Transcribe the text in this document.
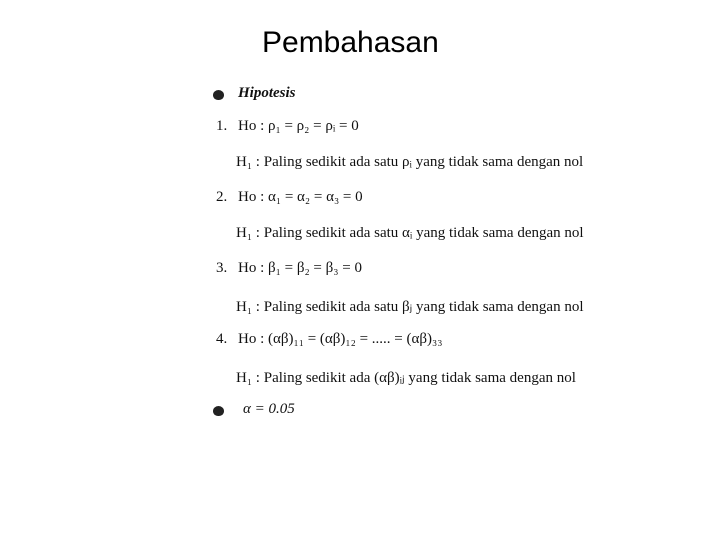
Pembahasan
Hipotesis
1. Ho : ρ₁ = ρ₂ = ρᵢ = 0
H₁ : Paling sedikit ada satu ρᵢ yang tidak sama dengan nol
2. Ho : α₁ = α₂ = α₃ = 0
H₁ : Paling sedikit ada satu αᵢ yang tidak sama dengan nol
3. Ho : β₁ = β₂ = β₃ = 0
H₁ : Paling sedikit ada satu βⱼ yang tidak sama dengan nol
4. Ho : (αβ)₁₁ = (αβ)₁₂ = ..... = (αβ)₃₃
H₁ : Paling sedikit ada (αβ)ᵢⱼ yang tidak sama dengan nol
α = 0.05
